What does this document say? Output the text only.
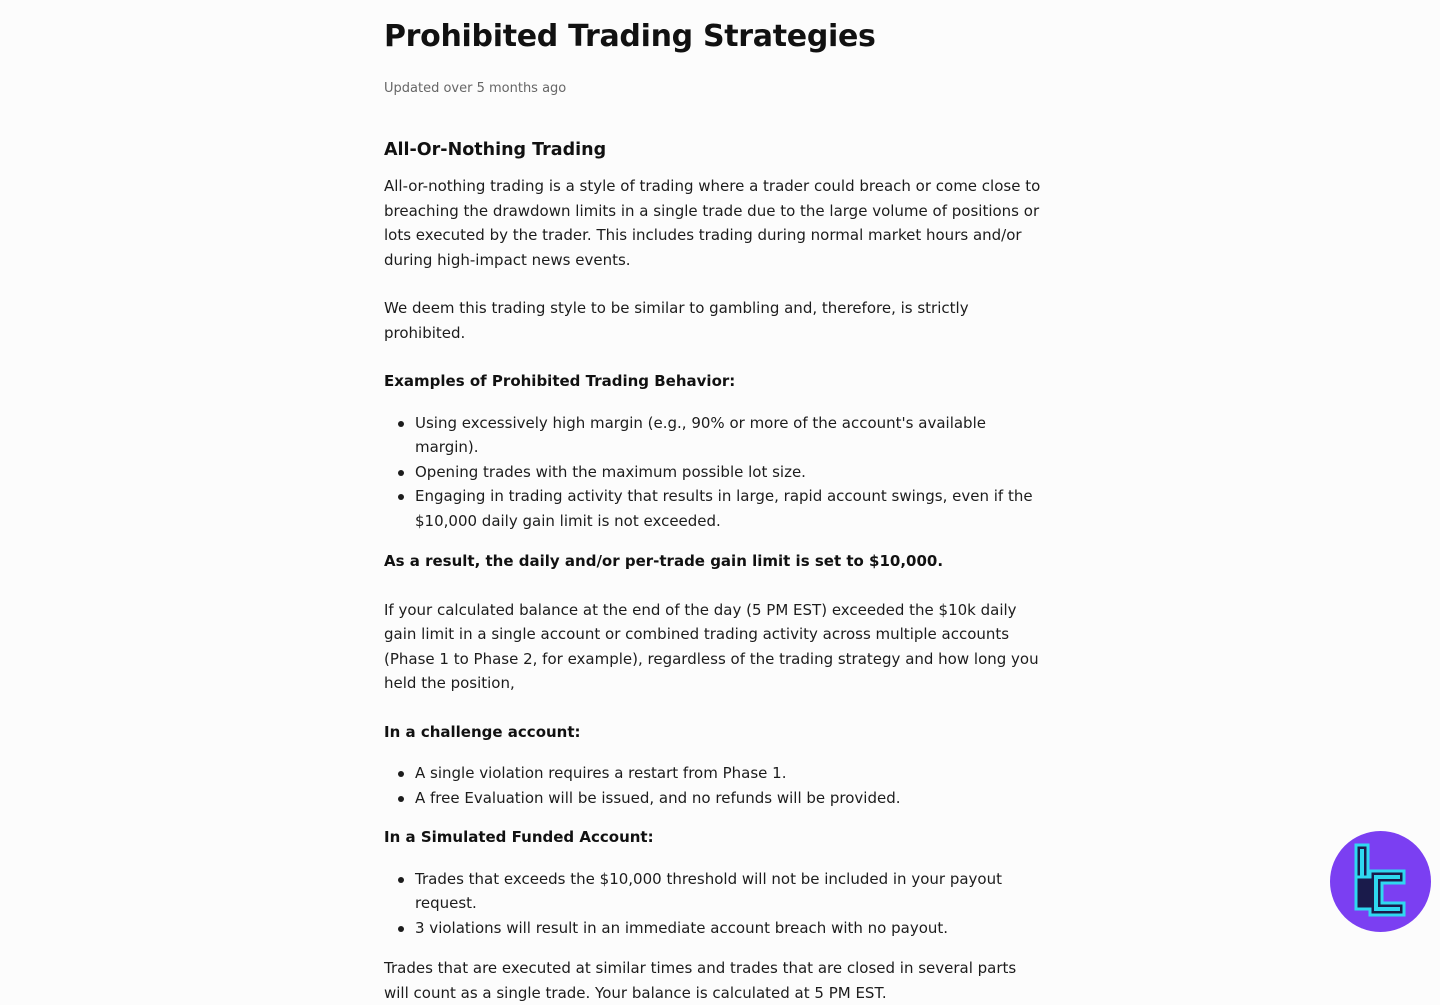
Prohibited Trading Strategies
Updated over 5 months ago
All-Or-Nothing Trading

All-or-nothing trading is a style of trading where a trader could breach or come close to breaching the drawdown limits in a single trade due to the large volume of positions or lots executed by the trader. This includes trading during normal market hours and/or during high-impact news events.

We deem this trading style to be similar to gambling and, therefore, is strictly prohibited.

Examples of Prohibited Trading Behavior:

Using excessively high margin (e.g., 90% or more of the account's available margin).
Opening trades with the maximum possible lot size.
Engaging in trading activity that results in large, rapid account swings, even if the $10,000 daily gain limit is not exceeded.

As a result, the daily and/or per-trade gain limit is set to $10,000.

If your calculated balance at the end of the day (5 PM EST) exceeded the $10k daily gain limit in a single account or combined trading activity across multiple accounts (Phase 1 to Phase 2, for example), regardless of the trading strategy and how long you held the position,

In a challenge account:

A single violation requires a restart from Phase 1.
A free Evaluation will be issued, and no refunds will be provided.

In a Simulated Funded Account:

Trades that exceeds the $10,000 threshold will not be included in your payout request.
3 violations will result in an immediate account breach with no payout.

Trades that are executed at similar times and trades that are closed in several parts will count as a single trade. Your balance is calculated at 5 PM EST.
